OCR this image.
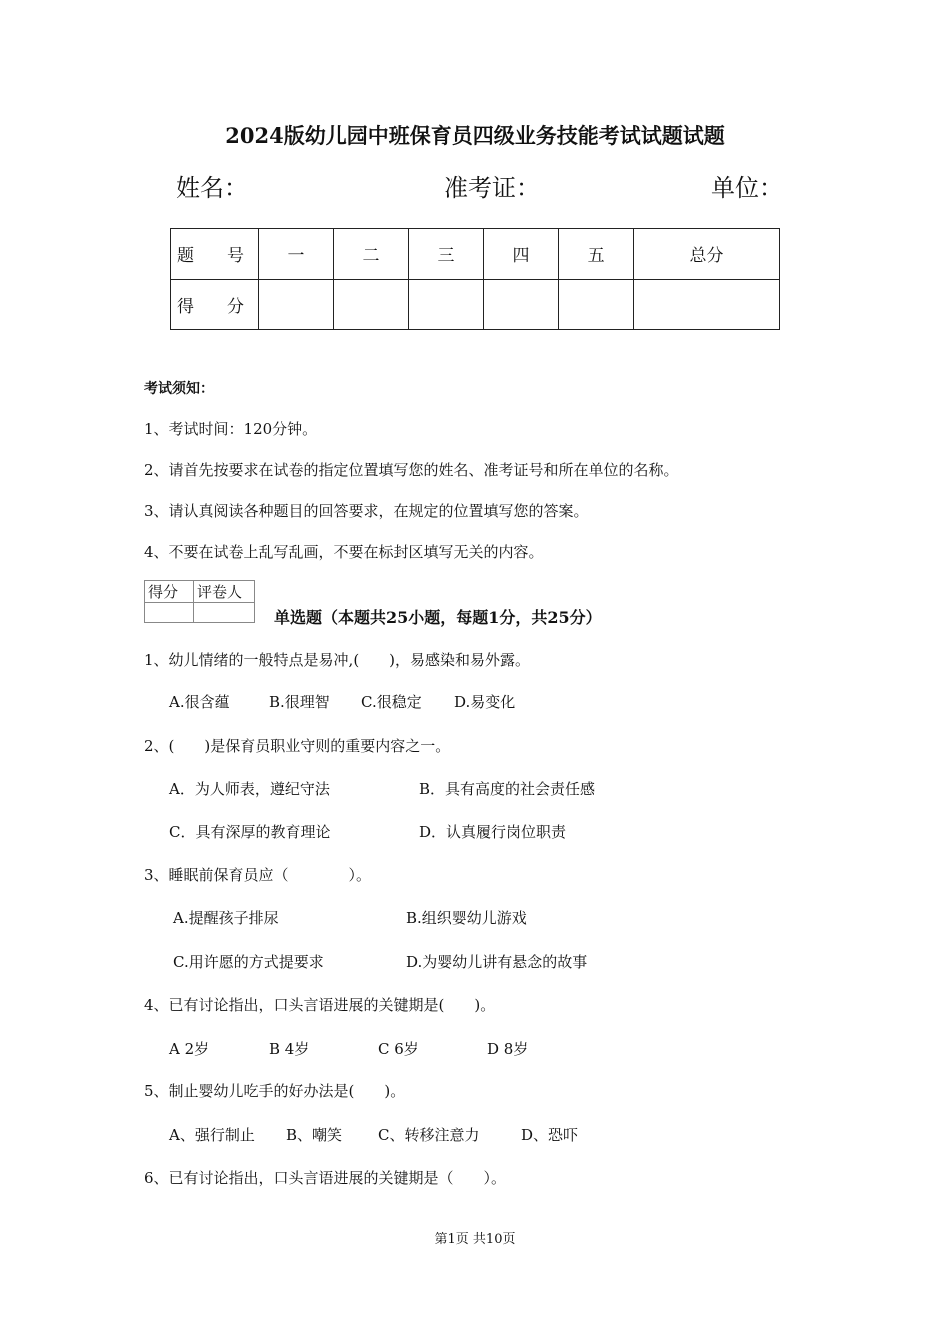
2024版幼儿园中班保育员四级业务技能考试试题试题
姓名：	准考证：	单位：
题　号	一	二	三	四	五	总分
得　分						
考试须知：
1、考试时间：120分钟。
2、请首先按要求在试卷的指定位置填写您的姓名、准考证号和所在单位的名称。
3、请认真阅读各种题目的回答要求，在规定的位置填写您的答案。
4、不要在试卷上乱写乱画，不要在标封区填写无关的内容。
得分	评卷人

单选题（本题共25小题，每题1分，共25分）
1、幼儿情绪的一般特点是易冲,(　　)，易感染和易外露。
A.很含蕴	B.很理智 C.很稳定 D.易变化
2、(　　)是保育员职业守则的重要内容之一。
A．为人师表，遵纪守法	B．具有高度的社会责任感
C．具有深厚的教育理论	D．认真履行岗位职责
3、睡眠前保育员应（　　　　）。
A.提醒孩子排尿	B.组织婴幼儿游戏
C.用许愿的方式提要求	D.为婴幼儿讲有悬念的故事
4、已有讨论指出，口头言语进展的关键期是(　　)。
A 2岁	B 4岁	C 6岁	D 8岁
5、制止婴幼儿吃手的好办法是(　　)。
A、强行制止 B、嘲笑 C、转移注意力	D、恐吓
6、已有讨论指出，口头言语进展的关键期是（　　）。
第1页 共10页
